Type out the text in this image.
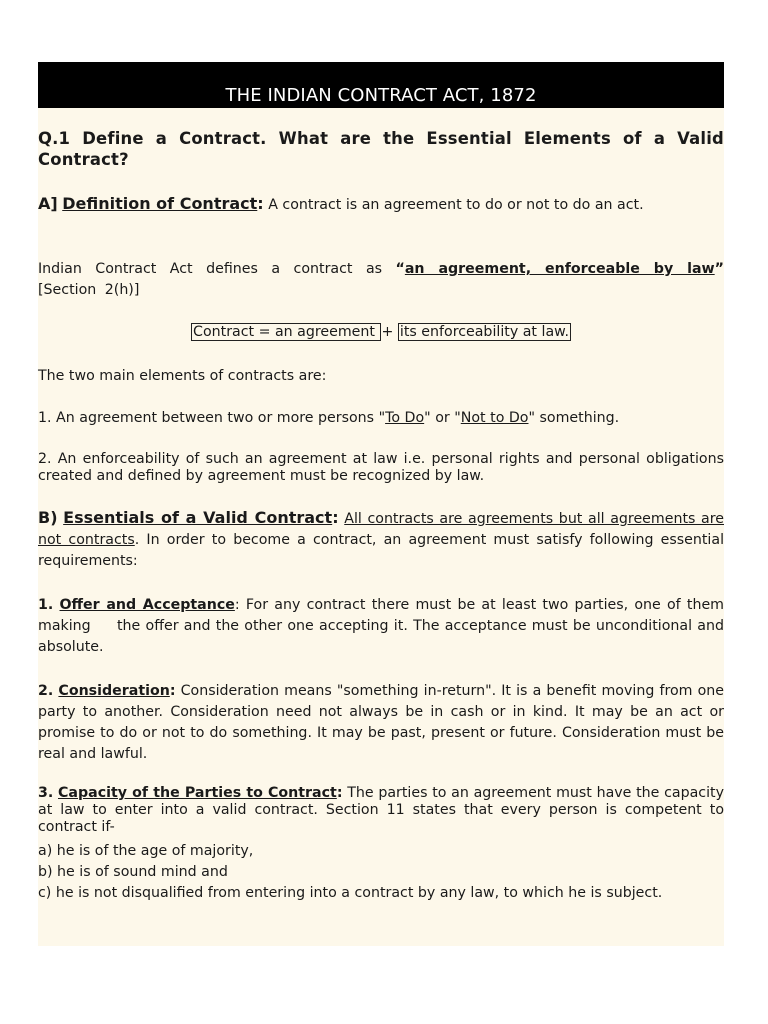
THE INDIAN CONTRACT ACT, 1872
Q.1 Define a Contract. What are the Essential Elements of a Valid Contract?
A] Definition of Contract: A contract is an agreement to do or not to do an act.
Indian Contract Act defines a contract as “an agreement, enforceable by law” [Section 2(h)]
Contract = an agreement + its enforceability at law.
The two main elements of contracts are:
1. An agreement between two or more persons "To Do" or "Not to Do" something.
2. An enforceability of such an agreement at law i.e. personal rights and personal obligations created and defined by agreement must be recognized by law.
B) Essentials of a Valid Contract: All contracts are agreements but all agreements are not contracts. In order to become a contract, an agreement must satisfy following essential requirements:
1. Offer and Acceptance: For any contract there must be at least two parties, one of them making     the offer and the other one accepting it. The acceptance must be unconditional and absolute.
2. Consideration: Consideration means "something in-return". It is a benefit moving from one party to another. Consideration need not always be in cash or in kind. It may be an act or promise to do or not to do something. It may be past, present or future. Consideration must be real and lawful.
3. Capacity of the Parties to Contract: The parties to an agreement must have the capacity at law to enter into a valid contract. Section 11 states that every person is competent to contract if-
a) he is of the age of majority,
b) he is of sound mind and
c) he is not disqualified from entering into a contract by any law, to which he is subject.
